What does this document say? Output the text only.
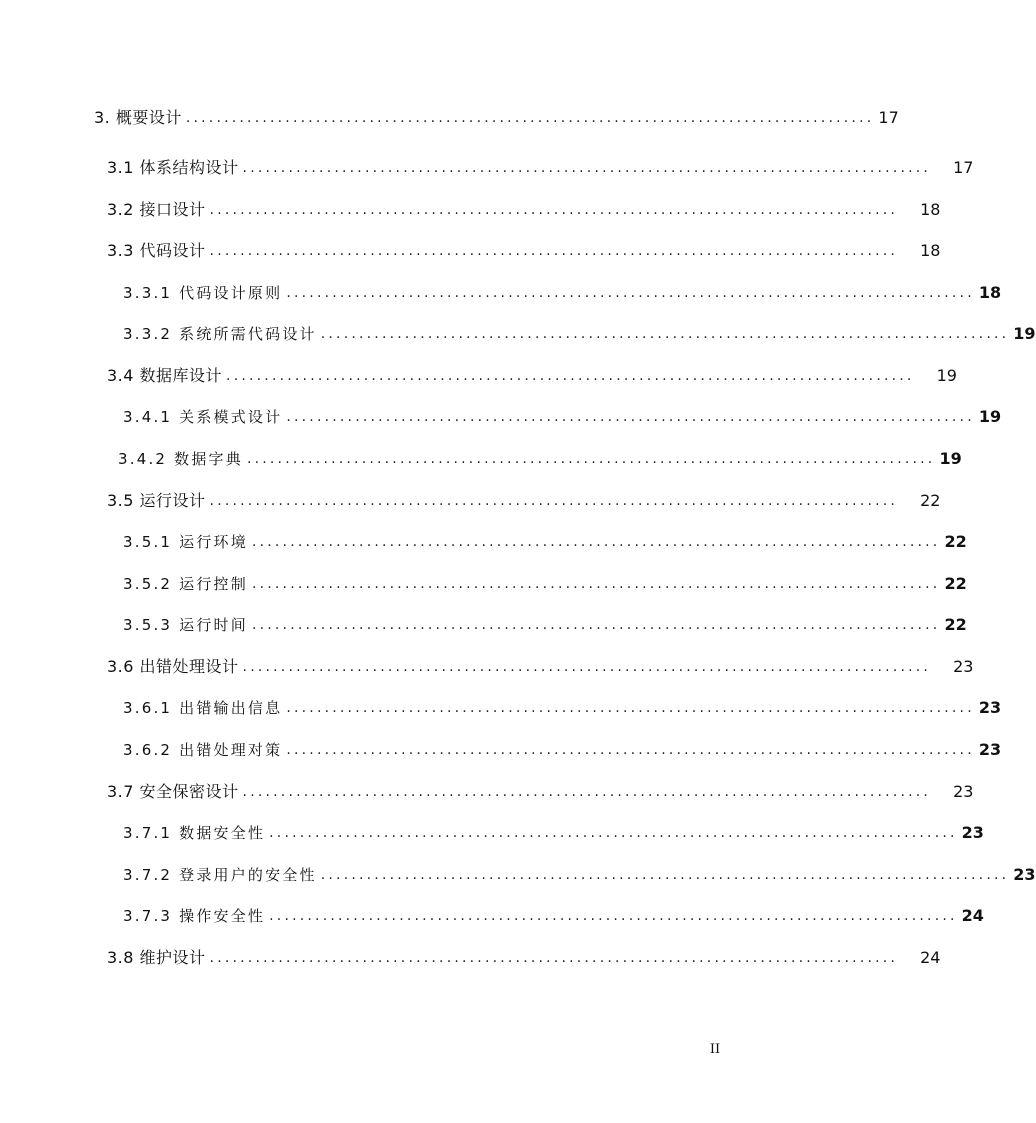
3. 概要设计 .......................................................................................... 17
3.1 体系结构设计 .......................................................................................... 17
3.2 接口设计 .......................................................................................... 18
3.3 代码设计 .......................................................................................... 18
3.3.1 代码设计原则 .......................................................................................... 18
3.3.2 系统所需代码设计 .......................................................................................... 19
3.4 数据库设计 .......................................................................................... 19
3.4.1 关系模式设计 .......................................................................................... 19
3.4.2 数据字典 .......................................................................................... 19
3.5 运行设计 .......................................................................................... 22
3.5.1 运行环境 .......................................................................................... 22
3.5.2 运行控制 .......................................................................................... 22
3.5.3 运行时间 .......................................................................................... 22
3.6 出错处理设计 .......................................................................................... 23
3.6.1 出错输出信息 .......................................................................................... 23
3.6.2 出错处理对策 .......................................................................................... 23
3.7 安全保密设计 .......................................................................................... 23
3.7.1 数据安全性 .......................................................................................... 23
3.7.2 登录用户的安全性 .......................................................................................... 23
3.7.3 操作安全性 .......................................................................................... 24
3.8 维护设计 .......................................................................................... 24
II
